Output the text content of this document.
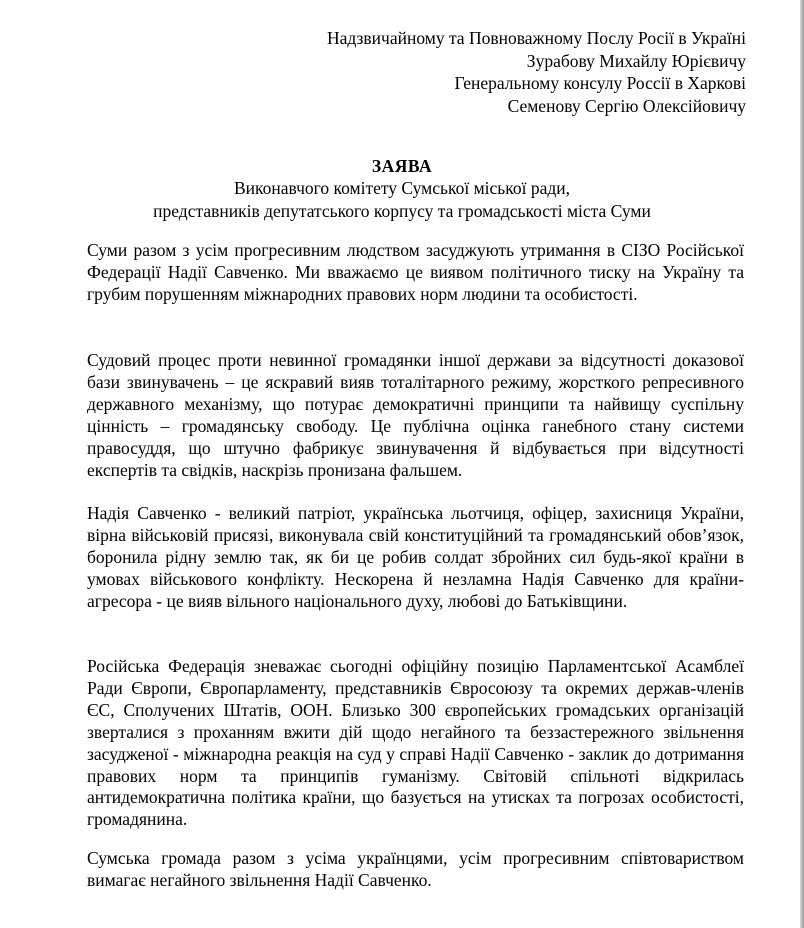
Надзвичайному та Повноважному Послу Росії в Україні
Зурабову Михайлу Юрієвичу
Генеральному консулу Россії в Харкові
Семенову Сергію Олексійовичу
ЗАЯВА
Виконавчого комітету Сумської міської ради,
представників депутатського корпусу та громадськості міста Суми
Суми разом з усім прогресивним людством засуджують утримання в СІЗО Російської Федерації Надії Савченко. Ми вважаємо це виявом політичного тиску на Україну та грубим порушенням міжнародних правових норм людини та особистості.
Судовий процес проти невинної громадянки іншої держави за відсутності доказової бази звинувачень – це яскравий вияв тоталітарного режиму, жорсткого репресивного державного механізму, що потурає демократичні принципи та найвищу суспільну цінність – громадянську свободу. Це публічна оцінка ганебного стану системи правосуддя, що штучно фабрикує звинувачення й відбувається при відсутності експертів та свідків, наскрізь пронизана фальшем.
Надія Савченко - великий патріот, українська льотчиця, офіцер, захисниця України, вірна військовій присязі, виконувала свій конституційний та громадянський обов’язок, боронила рідну землю так, як би це робив солдат збройних сил будь-якої країни в умовах військового конфлікту. Нескорена й незламна Надія Савченко для країни-агресора - це вияв вільного національного духу, любові до Батьківщини.
Російська Федерація зневажає сьогодні офіційну позицію Парламентської Асамблеї Ради Європи, Європарламенту, представників Євросоюзу та окремих держав-членів ЄС, Сполучених Штатів, ООН. Близько 300 європейських громадських організацій зверталися з проханням вжити дій щодо негайного та беззастережного звільнення засудженої - міжнародна реакція на суд у справі Надії Савченко - заклик до дотримання правових норм та принципів гуманізму. Світовій спільноті відкрилась антидемократична політика країни, що базується на утисках та погрозах особистості, громадянина.
Сумська громада разом з усіма українцями, усім прогресивним співтовариством вимагає негайного звільнення Надії Савченко.
